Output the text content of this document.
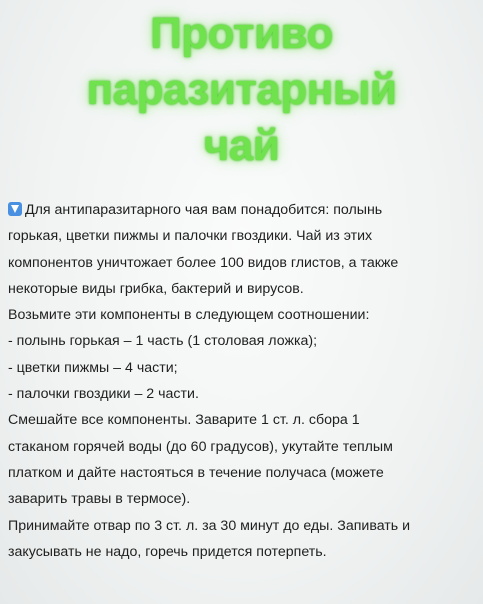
Противо
паразитарный
чай

Для антипаразитарного чая вам понадобится: полынь

горькая, цветки пижмы и палочки гвоздики. Чай из этих

компонентов уничтожает более 100 видов глистов, а также

некоторые виды грибка, бактерий и вирусов.

Возьмите эти компоненты в следующем соотношении:

- полынь горькая – 1 часть (1 столовая ложка);

- цветки пижмы – 4 части;

- палочки гвоздики – 2 части.

Смешайте все компоненты. Заварите 1 ст. л. сбора 1

стаканом горячей воды (до 60 градусов), укутайте теплым

платком и дайте настояться в течение получаса (можете

заварить травы в термосе).

Принимайте отвар по 3 ст. л. за 30 минут до еды. Запивать и

закусывать не надо, горечь придется потерпеть.
